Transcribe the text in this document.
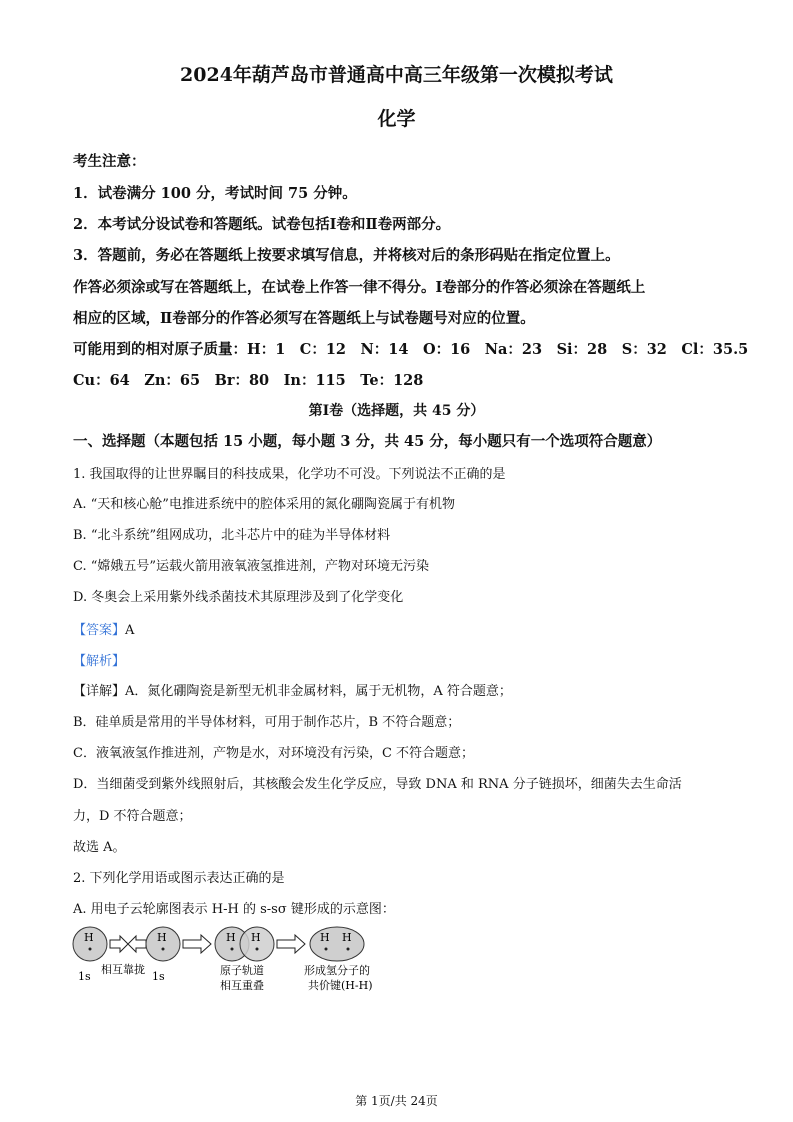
2024年葫芦岛市普通高中高三年级第一次模拟考试
化学
考生注意：
1．试卷满分 100 分，考试时间 75 分钟。
2．本考试分设试卷和答题纸。试卷包括Ⅰ卷和Ⅱ卷两部分。
3．答题前，务必在答题纸上按要求填写信息，并将核对后的条形码贴在指定位置上。
作答必须涂或写在答题纸上，在试卷上作答一律不得分。Ⅰ卷部分的作答必须涂在答题纸上
相应的区域，Ⅱ卷部分的作答必须写在答题纸上与试卷题号对应的位置。
可能用到的相对原子质量：H：1　C：12　N：14　O：16　Na：23　Si：28　S：32　Cl：35.5
Cu：64　Zn：65　Br：80　In：115　Te：128
第Ⅰ卷（选择题，共 45 分）
一、选择题（本题包括 15 小题，每小题 3 分，共 45 分，每小题只有一个选项符合题意）
1. 我国取得的让世界瞩目的科技成果，化学功不可没。下列说法不正确的是
A. “天和核心舱”电推进系统中的腔体采用的氮化硼陶瓷属于有机物
B. “北斗系统”组网成功，北斗芯片中的硅为半导体材料
C. “嫦娥五号”运载火箭用液氧液氢推进剂，产物对环境无污染
D. 冬奥会上采用紫外线杀菌技术其原理涉及到了化学变化
【答案】A
【解析】
【详解】A．氮化硼陶瓷是新型无机非金属材料，属于无机物，A 符合题意；
B．硅单质是常用的半导体材料，可用于制作芯片，B 不符合题意；
C．液氧液氢作推进剂，产物是水，对环境没有污染，C 不符合题意；
D．当细菌受到紫外线照射后，其核酸会发生化学反应，导致 DNA 和 RNA 分子链损坏，细菌失去生命活
力，D 不符合题意；
故选 A。
2. 下列化学用语或图示表达正确的是
A. 用电子云轮廓图表示 H-H 的 s-sσ 键形成的示意图：
H	H	H H	H H
1s
相互靠拢
1s	原子轨道
相互重叠
形成氢分子的
共价键(H-H)
第 1页/共 24页
